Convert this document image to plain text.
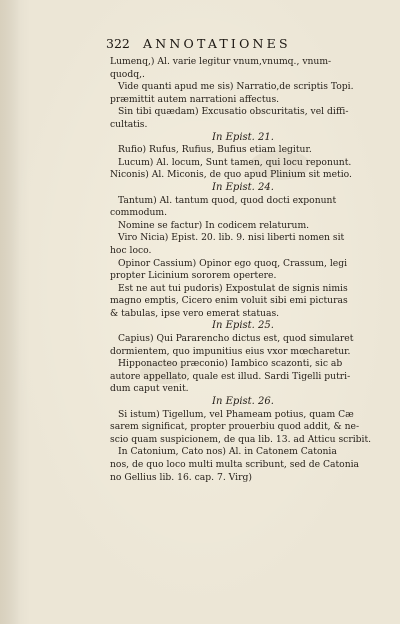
322 ANNOTATIONES
Lumenq,) Al. varie legitur vnum,vnumq., vnum-
quodq,.
Vide quanti apud me sis) Narratio,de scriptis Topi.
præmittit autem narrationi affectus.
Sin tibi quædam) Excusatio obscuritatis, vel diffi-
cultatis.
In Epist. 21.
Rufio) Rufus, Rufius, Bufius etiam legitur.
Lucum) Al. locum, Sunt tamen, qui locu reponunt.
Niconis) Al. Miconis, de quo apud Plinium sit metio.
In Epist. 24.
Tantum) Al. tantum quod, quod docti exponunt
commodum.
Nomine se factur) In codicem relaturum.
Viro Nicia) Epist. 20. lib. 9. nisi liberti nomen sit
hoc loco.
Opinor Cassium) Opinor ego quoq, Crassum, legi
propter Licinium sororem opertere.
Est ne aut tui pudoris) Expostulat de signis nimis
magno emptis, Cicero enim voluit sibi emi picturas
& tabulas, ipse vero emerat statuas.
In Epist. 25.
Capius) Qui Pararencho dictus est, quod simularet
dormientem, quo impunitius eius vxor mœcharetur.
Hipponacteo præconio) Iambico scazonti, sic ab
autore appellato, quale est illud. Sardi Tigelli putri-
dum caput venit.
In Epist. 26.
Si istum) Tigellum, vel Phameam potius, quam Cæ
sarem significat, propter prouerbiu quod addit, & ne-
scio quam suspicionem, de qua lib. 13. ad Atticu scribit.
In Catonium, Cato nos) Al. in Catonem Catonia
nos, de quo loco multi multa scribunt, sed de Catonia
no Gellius lib. 16. cap. 7. Virg)
